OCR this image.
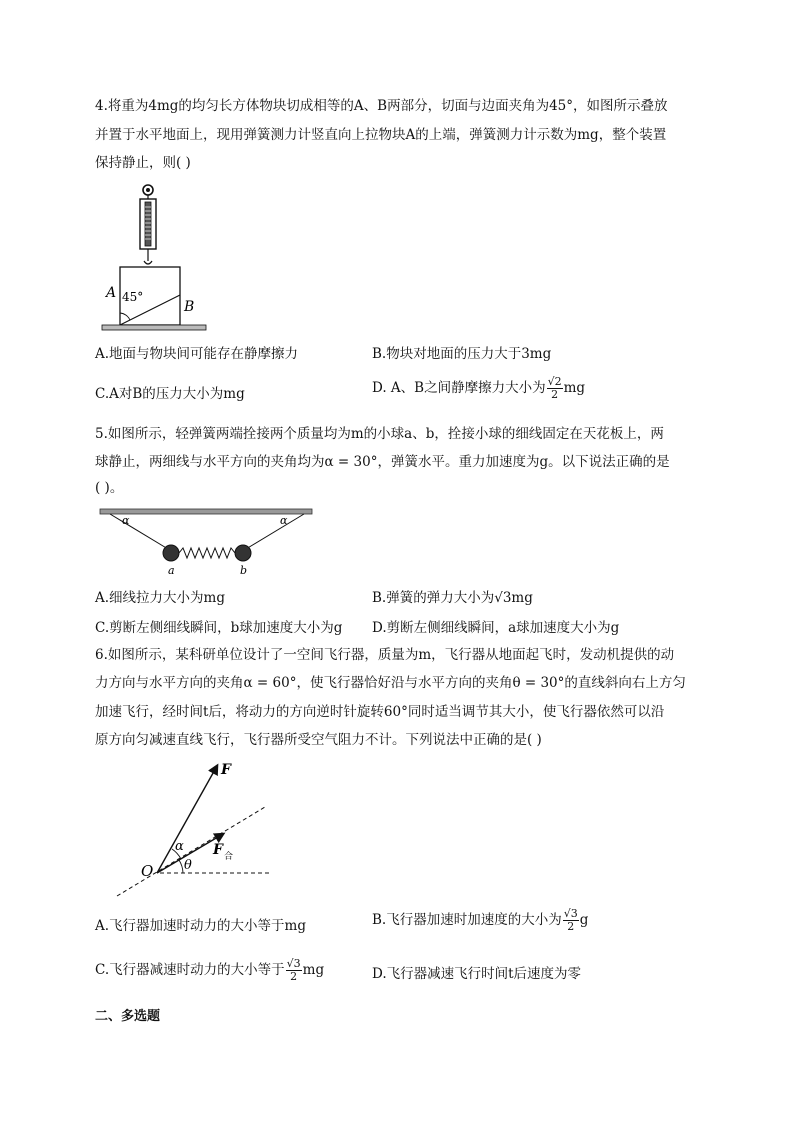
4.将重为4mg的均匀长方体物块切成相等的A、B两部分，切面与边面夹角为45°，如图所示叠放
并置于水平地面上，现用弹簧测力计竖直向上拉物块A的上端，弹簧测力计示数为mg，整个装置
保持静止，则( )
45°
A
B
A.地面与物块间可能存在静摩擦力	B.物块对地面的压力大于3mg
C.A对B的压力大小为mg	D. A、B之间静摩擦力大小为 $\frac{√2}{2}$ mg
5.如图所示，轻弹簧两端拴接两个质量均为m的小球a、b，拴接小球的细线固定在天花板上，两
球静止，两细线与水平方向的夹角均为α = 30°，弹簧水平。重力加速度为g。以下说法正确的是
( )。
α	α
a	b
A.细线拉力大小为mg	B.弹簧的弹力大小为√3mg
C.剪断左侧细线瞬间，b球加速度大小为g D.剪断左侧细线瞬间，a球加速度大小为g
6.如图所示，某科研单位设计了一空间飞行器，质量为m，飞行器从地面起飞时，发动机提供的动
力方向与水平方向的夹角α = 60°，使飞行器恰好沿与水平方向的夹角θ = 30°的直线斜向右上方匀
加速飞行，经时间t后，将动力的方向逆时针旋转60°同时适当调节其大小，使飞行器依然可以沿
原方向匀减速直线飞行，飞行器所受空气阻力不计。下列说法中正确的是( )
F
F 合
O
α
θ
A.飞行器加速时动力的大小等于mg	B.飞行器加速时加速度的大小为 $\frac{√3}{2}$ g
C.飞行器减速时动力的大小等于 $\frac{√3}{2}$ mg	D.飞行器减速飞行时间t后速度为零
二、多选题
